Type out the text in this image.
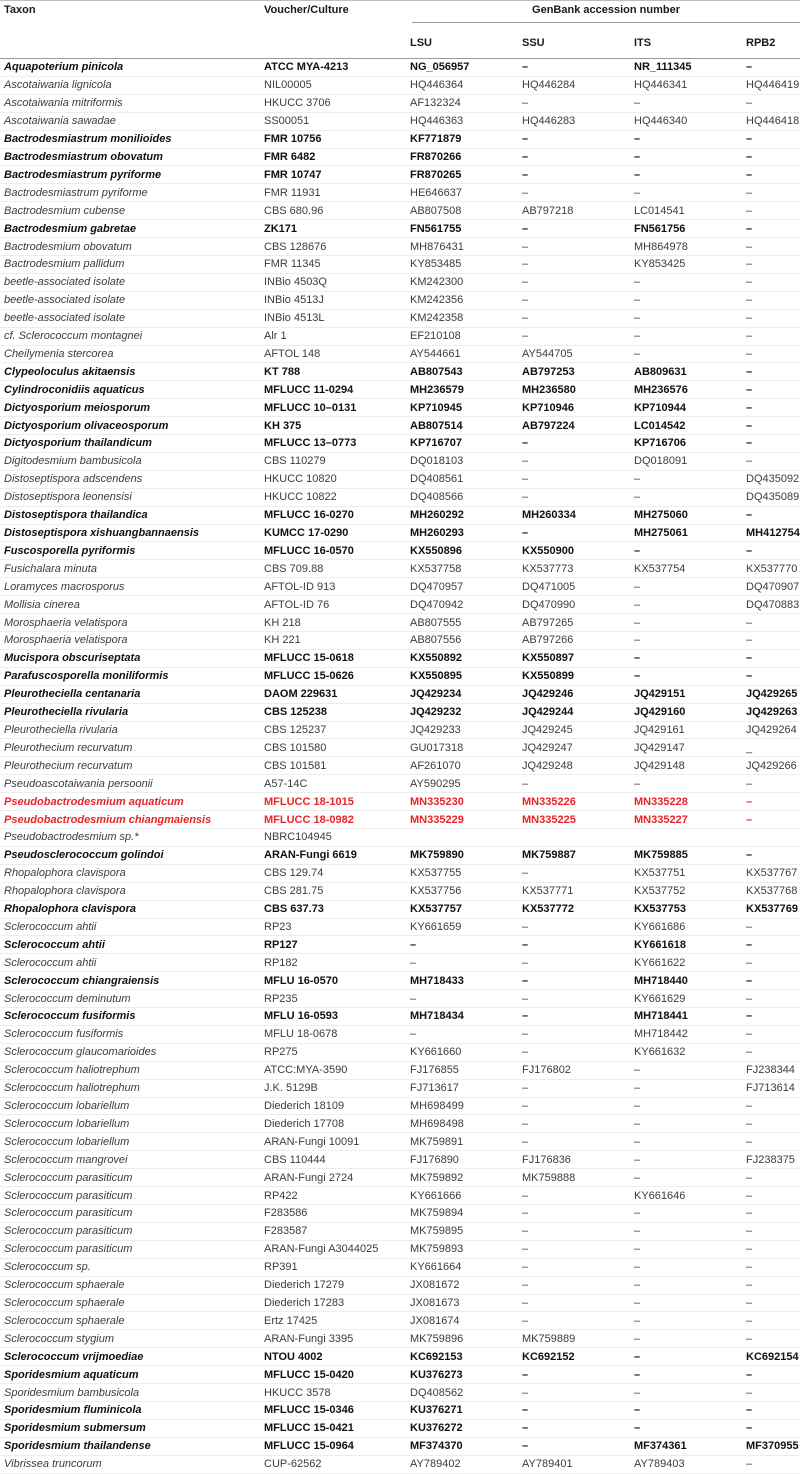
Taxon	Voucher/Culture	GenBank accession number			

		LSU	SSU	ITS	RPB2
Aquapoterium pinicola	ATCC MYA-4213	NG_056957	–	NR_111345	–
Ascotaiwania lignicola	NIL00005	HQ446364	HQ446284	HQ446341	HQ446419
Ascotaiwania mitriformis	HKUCC 3706	AF132324	–	–	–
Ascotaiwania sawadae	SS00051	HQ446363	HQ446283	HQ446340	HQ446418
Bactrodesmiastrum monilioides	FMR 10756	KF771879	–	–	–
Bactrodesmiastrum obovatum	FMR 6482	FR870266	–	–	–
Bactrodesmiastrum pyriforme	FMR 10747	FR870265	–	–	–
Bactrodesmiastrum pyriforme	FMR 11931	HE646637	–	–	–
Bactrodesmium cubense	CBS 680.96	AB807508	AB797218	LC014541	–
Bactrodesmium gabretae	ZK171	FN561755	–	FN561756	–
Bactrodesmium obovatum	CBS 128676	MH876431	–	MH864978	–
Bactrodesmium pallidum	FMR 11345	KY853485	–	KY853425	–
beetle-associated isolate	INBio 4503Q	KM242300	–	–	–
beetle-associated isolate	INBio 4513J	KM242356	–	–	–
beetle-associated isolate	INBio 4513L	KM242358	–	–	–
cf. Sclerococcum montagnei	Alr 1	EF210108	–	–	–
Cheilymenia stercorea	AFTOL 148	AY544661	AY544705	–	–
Clypeoloculus akitaensis	KT 788	AB807543	AB797253	AB809631	–
Cylindroconidiis aquaticus	MFLUCC 11-0294	MH236579	MH236580	MH236576	–
Dictyosporium meiosporum	MFLUCC 10–0131	KP710945	KP710946	KP710944	–
Dictyosporium olivaceosporum	KH 375	AB807514	AB797224	LC014542	–
Dictyosporium thailandicum	MFLUCC 13–0773	KP716707	–	KP716706	–
Digitodesmium bambusicola	CBS 110279	DQ018103	–	DQ018091	–
Distoseptispora adscendens	HKUCC 10820	DQ408561	–	–	DQ435092
Distoseptispora leonensisi	HKUCC 10822	DQ408566	–	–	DQ435089
Distoseptispora thailandica	MFLUCC 16-0270	MH260292	MH260334	MH275060	–
Distoseptispora xishuangbannaensis	KUMCC 17-0290	MH260293	–	MH275061	MH412754
Fuscosporella pyriformis	MFLUCC 16-0570	KX550896	KX550900	–	–
Fusichalara minuta	CBS 709.88	KX537758	KX537773	KX537754	KX537770
Loramyces macrosporus	AFTOL-ID 913	DQ470957	DQ471005	–	DQ470907
Mollisia cinerea	AFTOL-ID 76	DQ470942	DQ470990	–	DQ470883
Morosphaeria velatispora	KH 218	AB807555	AB797265	–	–
Morosphaeria velatispora	KH 221	AB807556	AB797266	–	–
Mucispora obscuriseptata	MFLUCC 15-0618	KX550892	KX550897	–	–
Parafuscosporella moniliformis	MFLUCC 15-0626	KX550895	KX550899	–	–
Pleurotheciella centanaria	DAOM 229631	JQ429234	JQ429246	JQ429151	JQ429265
Pleurotheciella rivularia	CBS 125238	JQ429232	JQ429244	JQ429160	JQ429263
Pleurotheciella rivularia	CBS 125237	JQ429233	JQ429245	JQ429161	JQ429264
Pleurothecium recurvatum	CBS 101580	GU017318	JQ429247	JQ429147	_
Pleurothecium recurvatum	CBS 101581	AF261070	JQ429248	JQ429148	JQ429266
Pseudoascotaiwania persoonii	A57-14C	AY590295	–	–	–
Pseudobactrodesmium aquaticum	MFLUCC 18-1015	MN335230	MN335226	MN335228	–
Pseudobactrodesmium chiangmaiensis	MFLUCC 18-0982	MN335229	MN335225	MN335227	–
Pseudobactrodesmium sp.*	NBRC104945				
Pseudosclerococcum golindoi	ARAN-Fungi 6619	MK759890	MK759887	MK759885	–
Rhopalophora clavispora	CBS 129.74	KX537755	–	KX537751	KX537767
Rhopalophora clavispora	CBS 281.75	KX537756	KX537771	KX537752	KX537768
Rhopalophora clavispora	CBS 637.73	KX537757	KX537772	KX537753	KX537769
Sclerococcum ahtii	RP23	KY661659	–	KY661686	–
Sclerococcum ahtii	RP127	–	–	KY661618	–
Sclerococcum ahtii	RP182	–	–	KY661622	–
Sclerococcum chiangraiensis	MFLU 16-0570	MH718433	–	MH718440	–
Sclerococcum deminutum	RP235	–	–	KY661629	–
Sclerococcum fusiformis	MFLU 16-0593	MH718434	–	MH718441	–
Sclerococcum fusiformis	MFLU 18-0678	–	–	MH718442	–
Sclerococcum glaucomarioides	RP275	KY661660	–	KY661632	–
Sclerococcum haliotrephum	ATCC:MYA-3590	FJ176855	FJ176802	–	FJ238344
Sclerococcum haliotrephum	J.K. 5129B	FJ713617	–	–	FJ713614
Sclerococcum lobariellum	Diederich 18109	MH698499	–	–	–
Sclerococcum lobariellum	Diederich 17708	MH698498	–	–	–
Sclerococcum lobariellum	ARAN-Fungi 10091	MK759891	–	–	–
Sclerococcum mangrovei	CBS 110444	FJ176890	FJ176836	–	FJ238375
Sclerococcum parasiticum	ARAN-Fungi 2724	MK759892	MK759888	–	–
Sclerococcum parasiticum	RP422	KY661666	–	KY661646	–
Sclerococcum parasiticum	F283586	MK759894	–	–	–
Sclerococcum parasiticum	F283587	MK759895	–	–	–
Sclerococcum parasiticum	ARAN-Fungi A3044025	MK759893	–	–	–
Sclerococcum sp.	RP391	KY661664	–	–	–
Sclerococcum sphaerale	Diederich 17279	JX081672	–	–	–
Sclerococcum sphaerale	Diederich 17283	JX081673	–	–	–
Sclerococcum sphaerale	Ertz 17425	JX081674	–	–	–
Sclerococcum stygium	ARAN-Fungi 3395	MK759896	MK759889	–	–
Sclerococcum vrijmoediae	NTOU 4002	KC692153	KC692152	–	KC692154
Sporidesmium aquaticum	MFLUCC 15-0420	KU376273	–	–	–
Sporidesmium bambusicola	HKUCC 3578	DQ408562	–	–	–
Sporidesmium fluminicola	MFLUCC 15-0346	KU376271	–	–	–
Sporidesmium submersum	MFLUCC 15-0421	KU376272	–	–	–
Sporidesmium thailandense	MFLUCC 15-0964	MF374370	–	MF374361	MF370955
Vibrissea truncorum	CUP-62562	AY789402	AY789401	AY789403	–
